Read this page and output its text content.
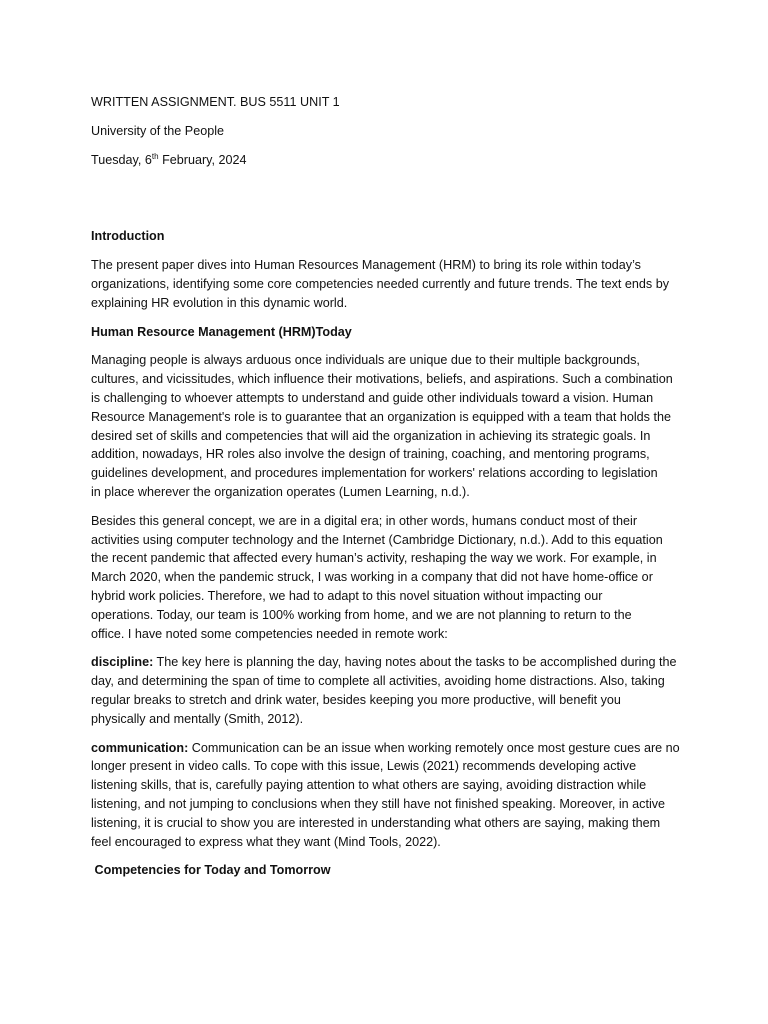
WRITTEN ASSIGNMENT. BUS 5511 UNIT 1

University of the People

Tuesday, 6th February, 2024

Introduction

The present paper dives into Human Resources Management (HRM) to bring its role within today’s
organizations, identifying some core competencies needed currently and future trends. The text ends by
explaining HR evolution in this dynamic world.

Human Resource Management (HRM)Today

Managing people is always arduous once individuals are unique due to their multiple backgrounds,
cultures, and vicissitudes, which influence their motivations, beliefs, and aspirations. Such a combination
is challenging to whoever attempts to understand and guide other individuals toward a vision. Human
Resource Management's role is to guarantee that an organization is equipped with a team that holds the
desired set of skills and competencies that will aid the organization in achieving its strategic goals. In
addition, nowadays, HR roles also involve the design of training, coaching, and mentoring programs,
guidelines development, and procedures implementation for workers' relations according to legislation
in place wherever the organization operates (Lumen Learning, n.d.).

Besides this general concept, we are in a digital era; in other words, humans conduct most of their
activities using computer technology and the Internet (Cambridge Dictionary, n.d.). Add to this equation
the recent pandemic that affected every human’s activity, reshaping the way we work. For example, in
March 2020, when the pandemic struck, I was working in a company that did not have home-office or
hybrid work policies. Therefore, we had to adapt to this novel situation without impacting our
operations. Today, our team is 100% working from home, and we are not planning to return to the
office. I have noted some competencies needed in remote work:

discipline: The key here is planning the day, having notes about the tasks to be accomplished during the
day, and determining the span of time to complete all activities, avoiding home distractions. Also, taking
regular breaks to stretch and drink water, besides keeping you more productive, will benefit you
physically and mentally (Smith, 2012).

communication: Communication can be an issue when working remotely once most gesture cues are no
longer present in video calls. To cope with this issue, Lewis (2021) recommends developing active
listening skills, that is, carefully paying attention to what others are saying, avoiding distraction while
listening, and not jumping to conclusions when they still have not finished speaking. Moreover, in active
listening, it is crucial to show you are interested in understanding what others are saying, making them
feel encouraged to express what they want (Mind Tools, 2022).

Competencies for Today and Tomorrow
